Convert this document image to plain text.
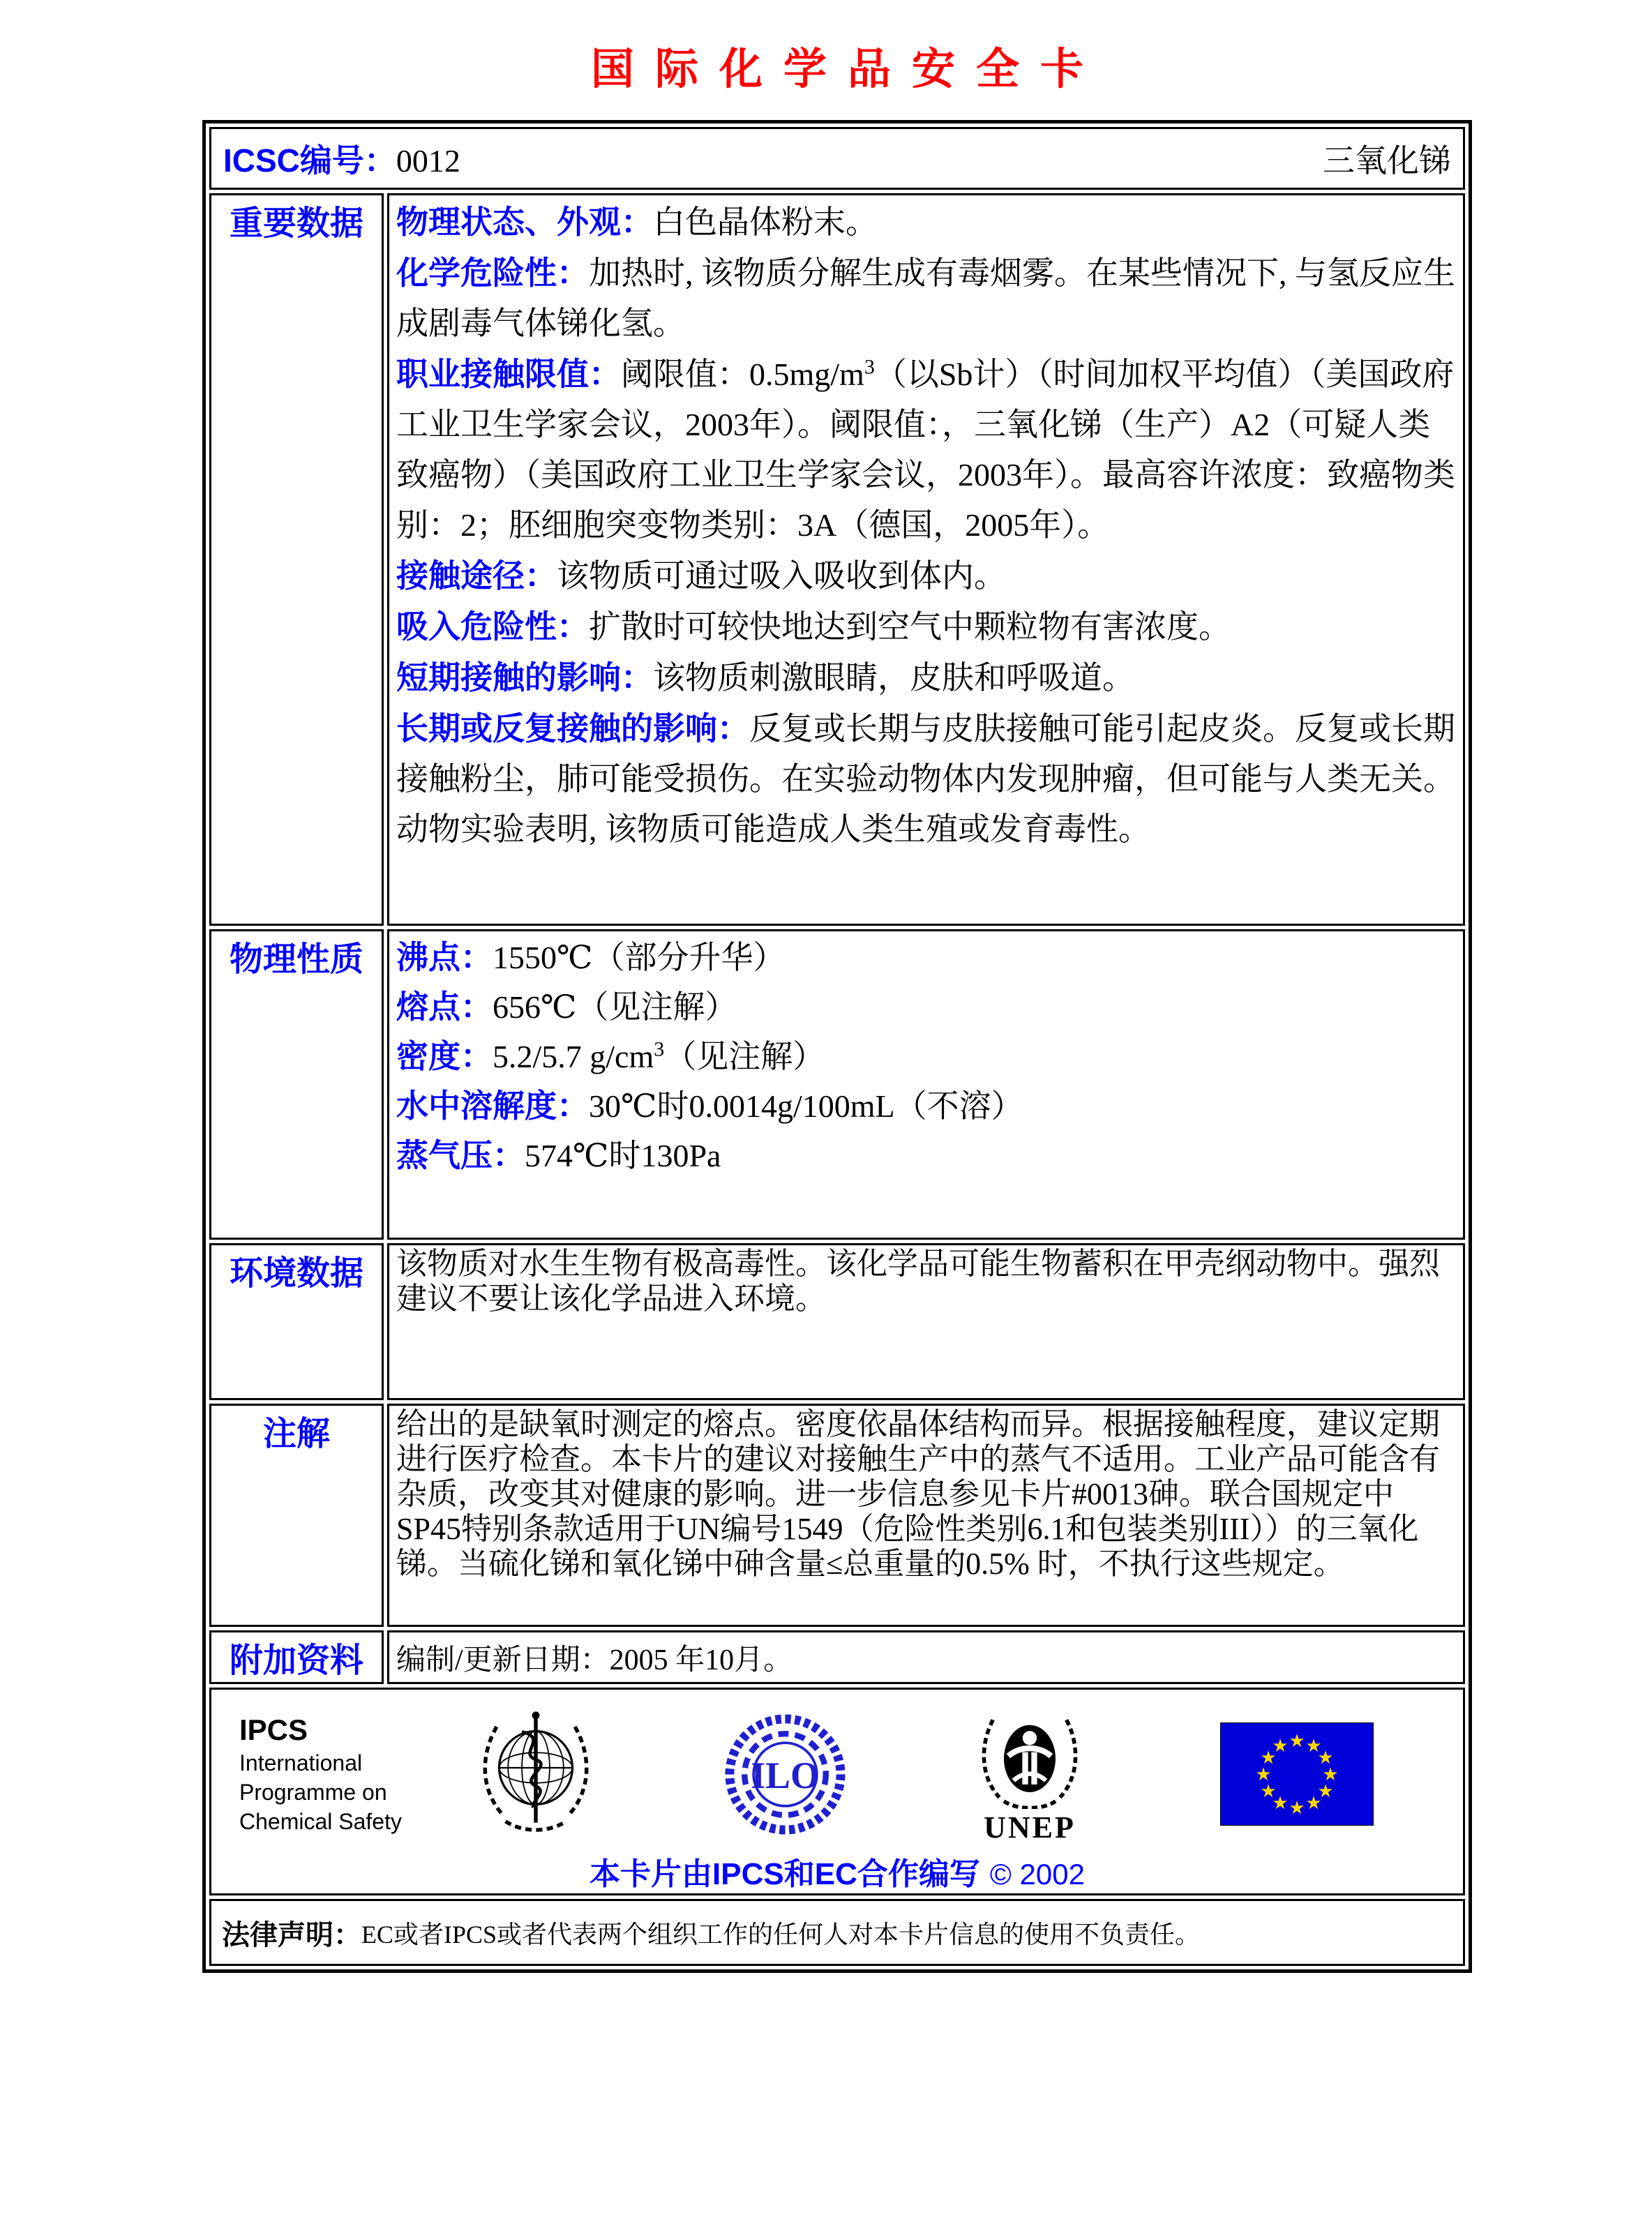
国际化学品安全卡
ICSC编号：0012 三氧化锑	

重要数据	物理状态、外观：白色晶体粉末。
化学危险性：加热时, 该物质分解生成有毒烟雾。在某些情况下, 与氢反应生成剧毒气体锑化氢。
职业接触限值：阈限值：$0.5mg/m^3$（以Sb计）（时间加权平均值）（美国政府工业卫生学家会议，2003年）。阈限值：，三氧化锑（生产）A2（可疑人类致癌物）（美国政府工业卫生学家会议，2003年）。最高容许浓度：致癌物类别：2；胚细胞突变物类别：3A（德国，2005年）。
接触途径：该物质可通过吸入吸收到体内。
吸入危险性：扩散时可较快地达到空气中颗粒物有害浓度。
短期接触的影响：该物质刺激眼睛，皮肤和呼吸道。
长期或反复接触的影响：反复或长期与皮肤接触可能引起皮炎。反复或长期接触粉尘，肺可能受损伤。在实验动物体内发现肿瘤，但可能与人类无关。动物实验表明, 该物质可能造成人类生殖或发育毒性。

物理性质	沸点：1550℃（部分升华）
熔点：656℃（见注解）
密度：5.2/5.7 $g/cm^3$（见注解）
水中溶解度：30℃时0.0014g/100mL（不溶）
蒸气压：574℃时130Pa

环境数据	该物质对水生生物有极高毒性。该化学品可能生物蓄积在甲壳纲动物中。强烈建议不要让该化学品进入环境。
注解	给出的是缺氧时测定的熔点。密度依晶体结构而异。根据接触程度，建议定期进行医疗检查。本卡片的建议对接触生产中的蒸气不适用。工业产品可能含有杂质，改变其对健康的影响。进一步信息参见卡片#0013砷。联合国规定中SP45特别条款适用于UN编号1549（危险性类别6.1和包装类别III））的三氧化锑。当硫化锑和氧化锑中砷含量≤总重量的0.5% 时，不执行这些规定。
附加资料	编制/更新日期：2005 年10月。

IPCS
International
Programme on
Chemical Safety
ILO
UNEP
★
★
★
★
★
★
★
★
★ ★ ★
★
本卡片由IPCS和EC合作编写 © 2002

法律声明： EC或者IPCS或者代表两个组织工作的任何人对本卡片信息的使用不负责任。	
